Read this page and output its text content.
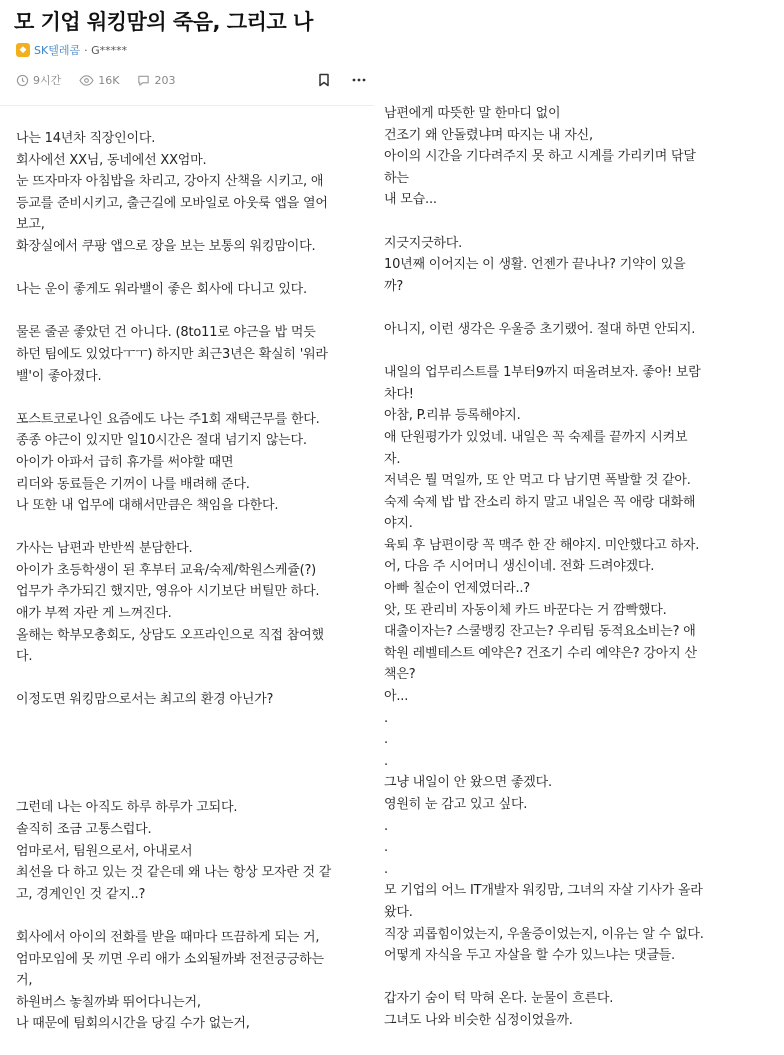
모 기업 워킹맘의 죽음, 그리고 나
◆ SK텔레콤 · G*****
9시간	16K	203
나는 14년차 직장인이다.
회사에선 XX님, 동네에선 XX엄마.
눈 뜨자마자 아침밥을 차리고, 강아지 산책을 시키고, 애
등교를 준비시키고, 출근길에 모바일로 아웃룩 앱을 열어
보고,
화장실에서 쿠팡 앱으로 장을 보는 보통의 워킹맘이다.
나는 운이 좋게도 워라밸이 좋은 회사에 다니고 있다.
물론 줄곧 좋았던 건 아니다. (8to11로 야근을 밥 먹듯
하던 팀에도 있었다ㅜㅜ) 하지만 최근3년은 확실히 '워라
밸'이 좋아졌다.
포스트코로나인 요즘에도 나는 주1회 재택근무를 한다.
종종 야근이 있지만 일10시간은 절대 넘기지 않는다.
아이가 아파서 급히 휴가를 써야할 때면
리더와 동료들은 기꺼이 나를 배려해 준다.
나 또한 내 업무에 대해서만큼은 책임을 다한다.
가사는 남편과 반반씩 분담한다.
아이가 초등학생이 된 후부터 교육/숙제/학원스케쥴(?)
업무가 추가되긴 했지만, 영유아 시기보단 버틸만 하다.
애가 부쩍 자란 게 느껴진다.
올해는 학부모총회도, 상담도 오프라인으로 직접 참여했
다.
이정도면 워킹맘으로서는 최고의 환경 아닌가?
그런데 나는 아직도 하루 하루가 고되다.
솔직히 조금 고통스럽다.
엄마로서, 팀원으로서, 아내로서
최선을 다 하고 있는 것 같은데 왜 나는 항상 모자란 것 같
고, 경계인인 것 같지..?
회사에서 아이의 전화를 받을 때마다 뜨끔하게 되는 거,
엄마모임에 못 끼면 우리 애가 소외될까봐 전전긍긍하는
거,
하원버스 놓칠까봐 뛰어다니는거,
나 때문에 팀회의시간을 당길 수가 없는거,
남편에게 따뜻한 말 한마디 없이
건조기 왜 안돌렸냐며 따지는 내 자신,
아이의 시간을 기다려주지 못 하고 시계를 가리키며 닦달
하는
내 모습...
지긋지긋하다.
10년째 이어지는 이 생활. 언젠가 끝나나? 기약이 있을
까?
아니지, 이런 생각은 우울증 초기랬어. 절대 하면 안되지.
내일의 업무리스트를 1부터9까지 떠올려보자. 좋아! 보람
차다!
아참, P.리뷰 등록해야지.
애 단원평가가 있었네. 내일은 꼭 숙제를 끝까지 시켜보
자.
저녁은 뭘 먹일까, 또 안 먹고 다 남기면 폭발할 것 같아.
숙제 숙제 밥 밥 잔소리 하지 말고 내일은 꼭 애랑 대화해
야지.
육퇴 후 남편이랑 꼭 맥주 한 잔 해야지. 미안했다고 하자.
어, 다음 주 시어머니 생신이네. 전화 드려야겠다.
아빠 칠순이 언제였더라..?
앗, 또 관리비 자동이체 카드 바꾼다는 거 깜빡했다.
대출이자는? 스쿨뱅킹 잔고는? 우리팀 동적요소비는? 애
학원 레벨테스트 예약은? 건조기 수리 예약은? 강아지 산
책은?
아...
.
.
.
그냥 내일이 안 왔으면 좋겠다.
영원히 눈 감고 있고 싶다.
.
.
.
모 기업의 어느 IT개발자 워킹맘, 그녀의 자살 기사가 올라
왔다.
직장 괴롭힘이었는지, 우울증이었는지, 이유는 알 수 없다.
어떻게 자식을 두고 자살을 할 수가 있느냐는 댓글들.
갑자기 숨이 턱 막혀 온다. 눈물이 흐른다.
그녀도 나와 비슷한 심정이었을까.
